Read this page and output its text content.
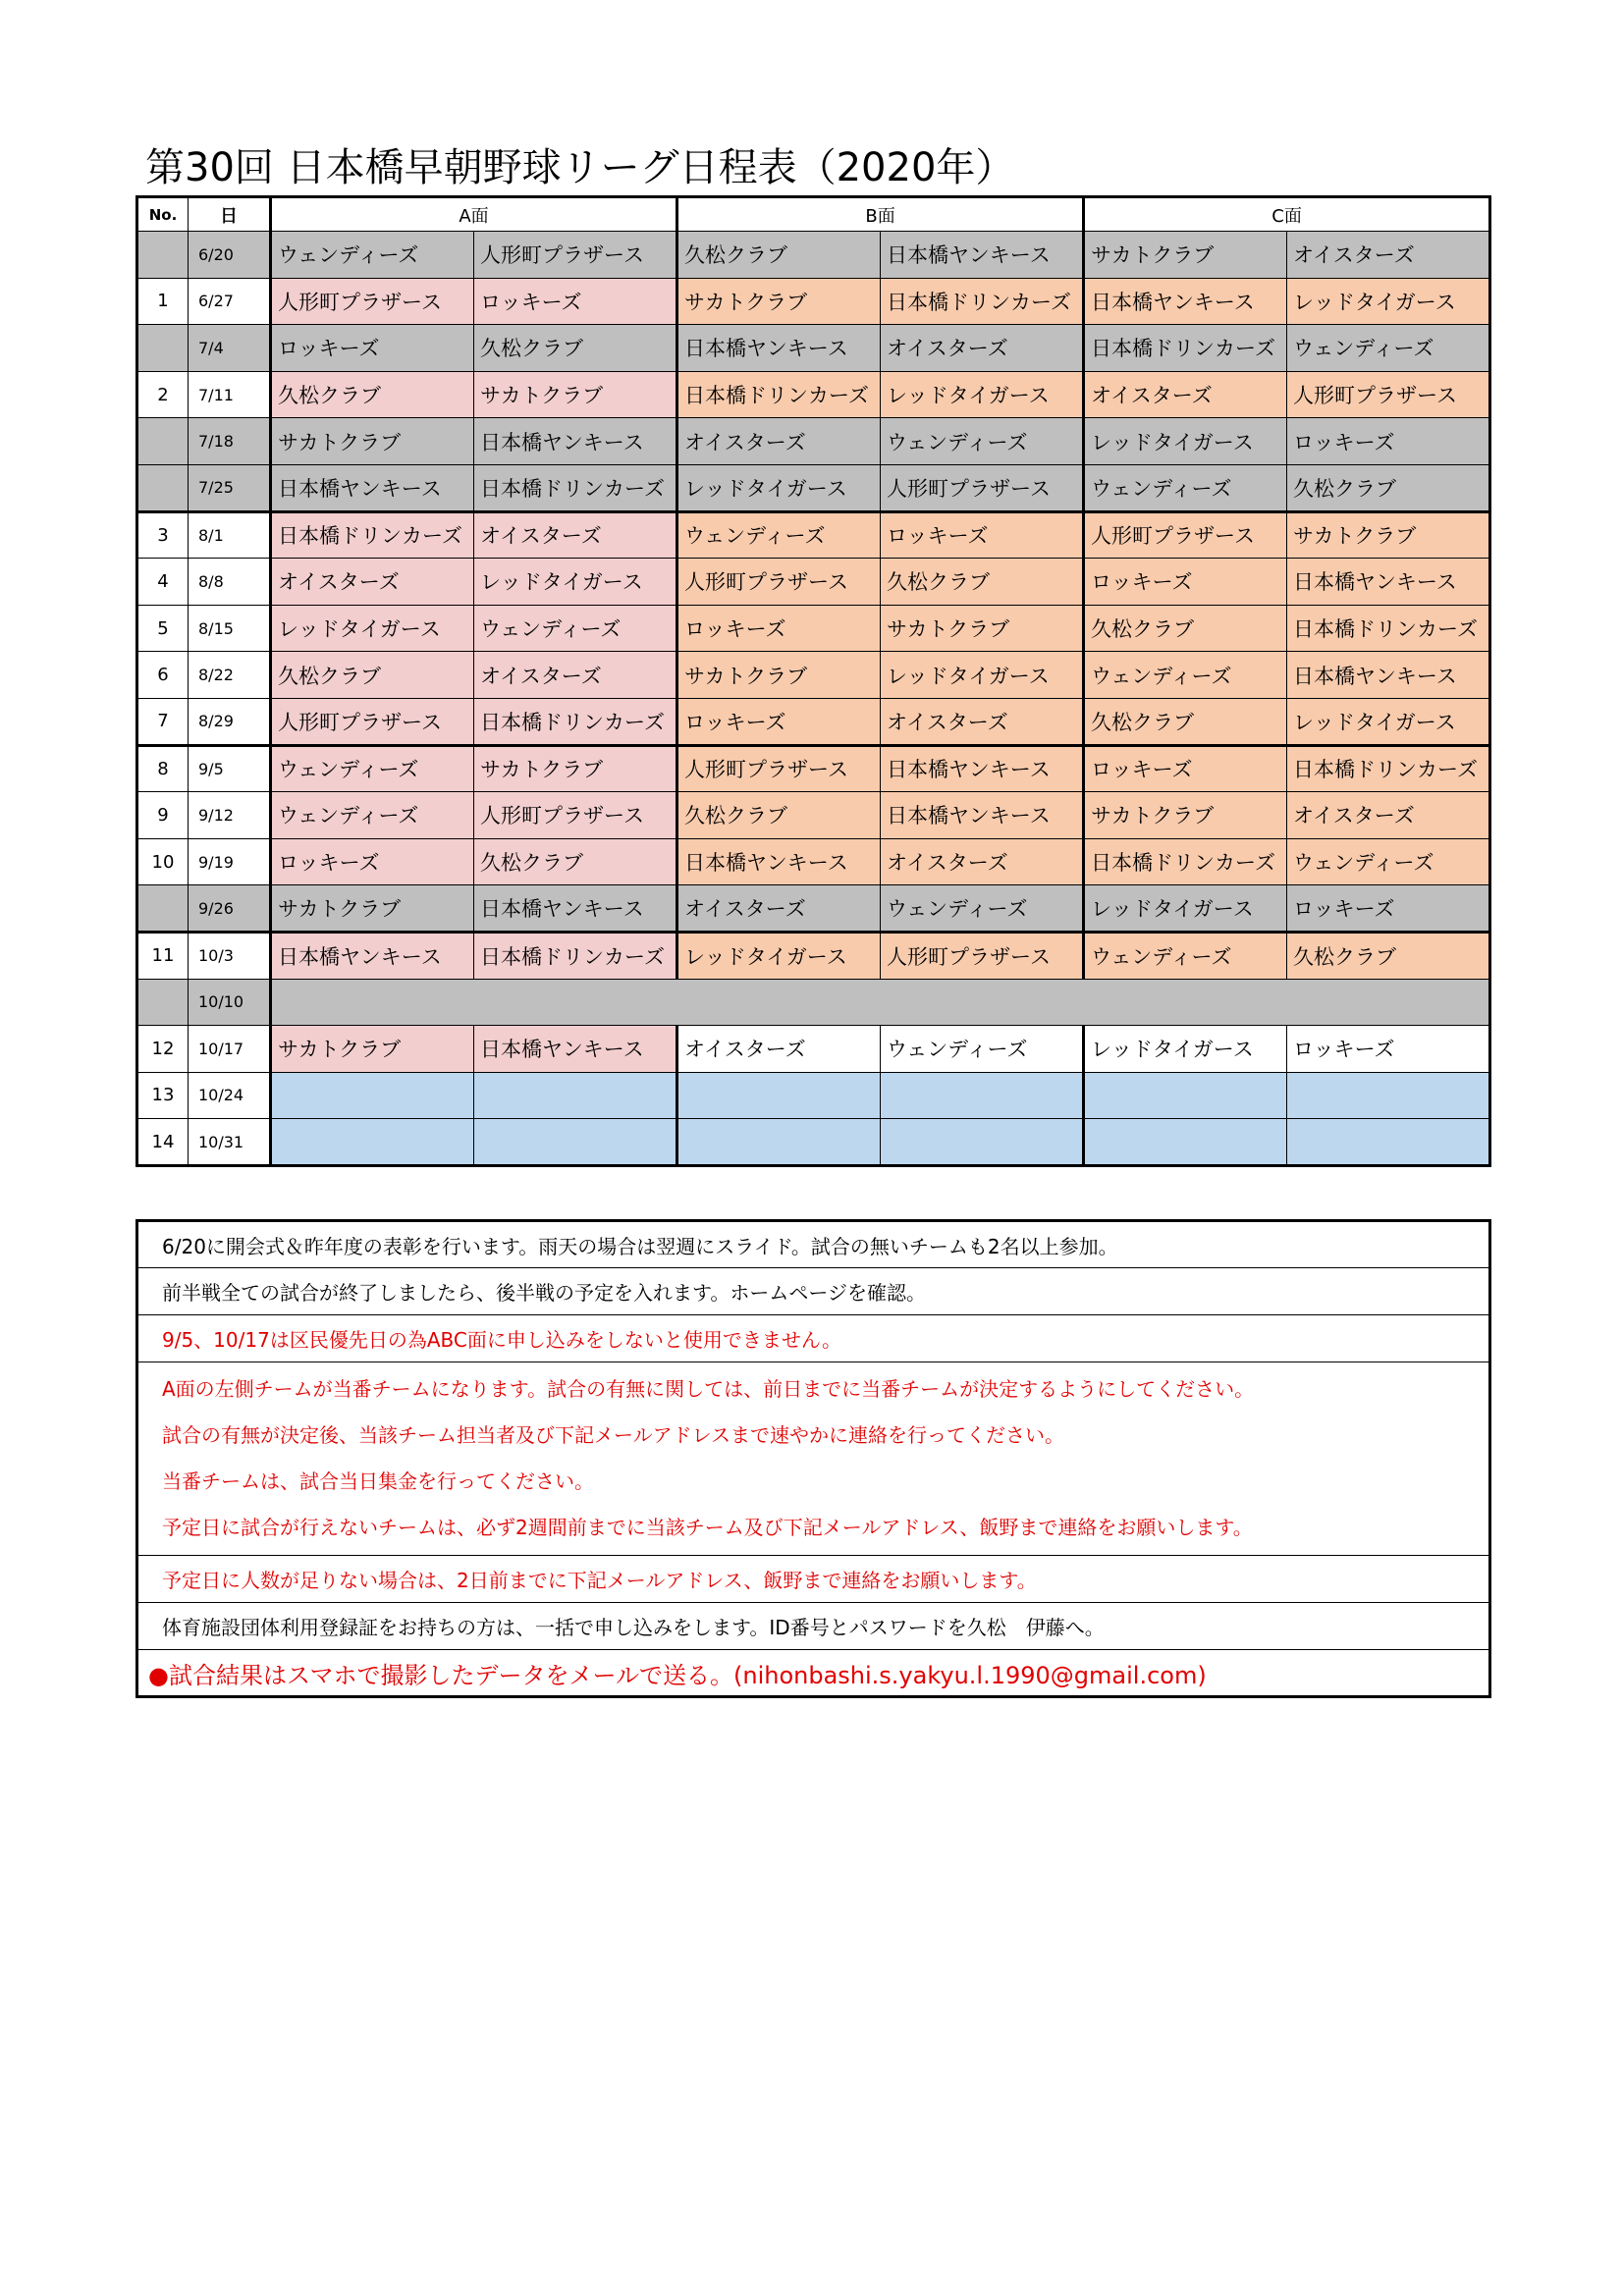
第30回 日本橋早朝野球リーグ日程表（2020年）
No.	日	A面		B面		C面	
	6/20	ウェンディーズ	人形町プラザース	久松クラブ	日本橋ヤンキース	サカトクラブ	オイスターズ
1	6/27	人形町プラザース	ロッキーズ	サカトクラブ	日本橋ドリンカーズ	日本橋ヤンキース	レッドタイガース
	7/4	ロッキーズ	久松クラブ	日本橋ヤンキース	オイスターズ	日本橋ドリンカーズ	ウェンディーズ
2	7/11	久松クラブ	サカトクラブ	日本橋ドリンカーズ	レッドタイガース	オイスターズ	人形町プラザース
	7/18	サカトクラブ	日本橋ヤンキース	オイスターズ	ウェンディーズ	レッドタイガース	ロッキーズ
	7/25	日本橋ヤンキース	日本橋ドリンカーズ	レッドタイガース	人形町プラザース	ウェンディーズ	久松クラブ
3	8/1	日本橋ドリンカーズ	オイスターズ	ウェンディーズ	ロッキーズ	人形町プラザース	サカトクラブ
4	8/8	オイスターズ	レッドタイガース	人形町プラザース	久松クラブ	ロッキーズ	日本橋ヤンキース
5	8/15	レッドタイガース	ウェンディーズ	ロッキーズ	サカトクラブ	久松クラブ	日本橋ドリンカーズ
6	8/22	久松クラブ	オイスターズ	サカトクラブ	レッドタイガース	ウェンディーズ	日本橋ヤンキース
7	8/29	人形町プラザース	日本橋ドリンカーズ	ロッキーズ	オイスターズ	久松クラブ	レッドタイガース
8	9/5	ウェンディーズ	サカトクラブ	人形町プラザース	日本橋ヤンキース	ロッキーズ	日本橋ドリンカーズ
9	9/12	ウェンディーズ	人形町プラザース	久松クラブ	日本橋ヤンキース	サカトクラブ	オイスターズ
10	9/19	ロッキーズ	久松クラブ	日本橋ヤンキース	オイスターズ	日本橋ドリンカーズ	ウェンディーズ
	9/26	サカトクラブ	日本橋ヤンキース	オイスターズ	ウェンディーズ	レッドタイガース	ロッキーズ
11	10/3	日本橋ヤンキース	日本橋ドリンカーズ	レッドタイガース	人形町プラザース	ウェンディーズ	久松クラブ
	10/10						
12	10/17	サカトクラブ	日本橋ヤンキース	オイスターズ	ウェンディーズ	レッドタイガース	ロッキーズ
13	10/24						
14	10/31						
6/20に開会式＆昨年度の表彰を行います。雨天の場合は翌週にスライド。試合の無いチームも2名以上参加。
前半戦全ての試合が終了しましたら、後半戦の予定を入れます。ホームページを確認。
9/5、10/17は区民優先日の為ABC面に申し込みをしないと使用できません。

A面の左側チームが当番チームになります。試合の有無に関しては、前日までに当番チームが決定するようにしてください。
試合の有無が決定後、当該チーム担当者及び下記メールアドレスまで速やかに連絡を行ってください。
当番チームは、試合当日集金を行ってください。
予定日に試合が行えないチームは、必ず2週間前までに当該チーム及び下記メールアドレス、飯野まで連絡をお願いします。

予定日に人数が足りない場合は、2日前までに下記メールアドレス、飯野まで連絡をお願いします。
体育施設団体利用登録証をお持ちの方は、一括で申し込みをします。ID番号とパスワードを久松　伊藤へ。
●試合結果はスマホで撮影したデータをメールで送る。(nihonbashi.s.yakyu.l.1990@gmail.com)
